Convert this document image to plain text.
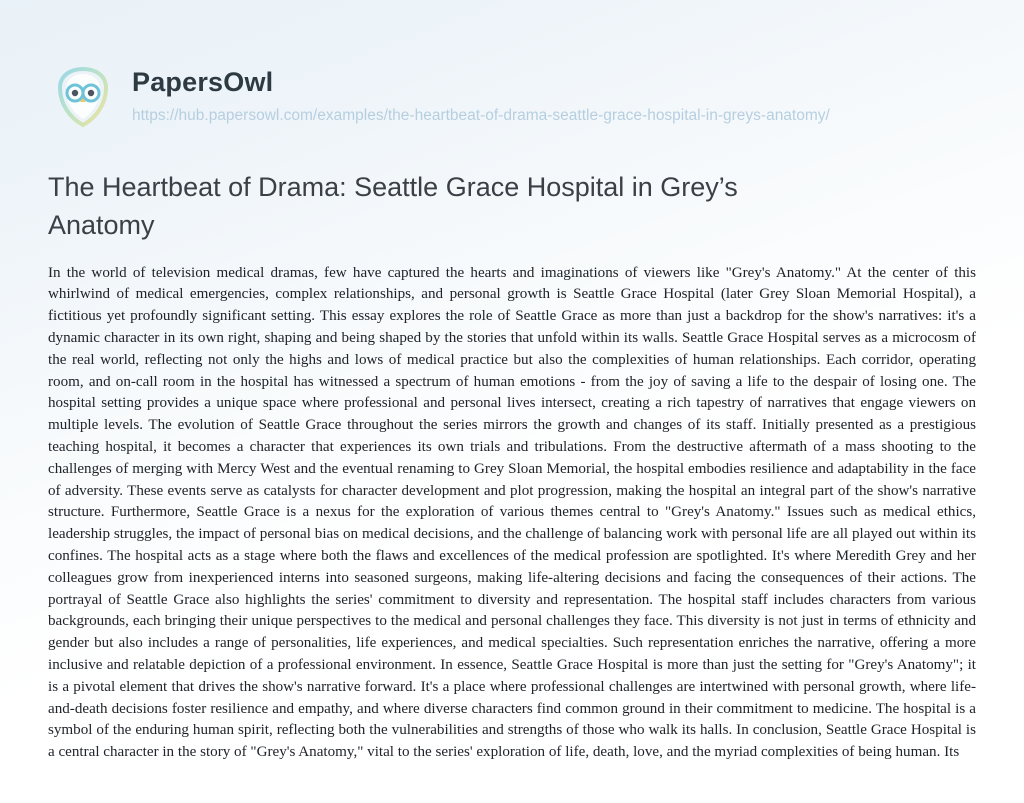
PapersOwl
https://hub.papersowl.com/examples/the-heartbeat-of-drama-seattle-grace-hospital-in-greys-anatomy/
The Heartbeat of Drama: Seattle Grace Hospital in Grey’s Anatomy

In the world of television medical dramas, few have captured the hearts and imaginations of viewers like "Grey's Anatomy." At the center of this whirlwind of medical emergencies, complex relationships, and personal growth is Seattle Grace Hospital (later Grey Sloan Memorial Hospital), a fictitious yet profoundly significant setting. This essay explores the role of Seattle Grace as more than just a backdrop for the show's narratives: it's a dynamic character in its own right, shaping and being shaped by the stories that unfold within its walls. Seattle Grace Hospital serves as a microcosm of the real world, reflecting not only the highs and lows of medical practice but also the complexities of human relationships. Each corridor, operating room, and on-call room in the hospital has witnessed a spectrum of human emotions - from the joy of saving a life to the despair of losing one. The hospital setting provides a unique space where professional and personal lives intersect, creating a rich tapestry of narratives that engage viewers on multiple levels. The evolution of Seattle Grace throughout the series mirrors the growth and changes of its staff. Initially presented as a prestigious teaching hospital, it becomes a character that experiences its own trials and tribulations. From the destructive aftermath of a mass shooting to the challenges of merging with Mercy West and the eventual renaming to Grey Sloan Memorial, the hospital embodies resilience and adaptability in the face of adversity. These events serve as catalysts for character development and plot progression, making the hospital an integral part of the show's narrative structure. Furthermore, Seattle Grace is a nexus for the exploration of various themes central to "Grey's Anatomy." Issues such as medical ethics, leadership struggles, the impact of personal bias on medical decisions, and the challenge of balancing work with personal life are all played out within its confines. The hospital acts as a stage where both the flaws and excellences of the medical profession are spotlighted. It's where Meredith Grey and her colleagues grow from inexperienced interns into seasoned surgeons, making life-altering decisions and facing the consequences of their actions. The portrayal of Seattle Grace also highlights the series' commitment to diversity and representation. The hospital staff includes characters from various backgrounds, each bringing their unique perspectives to the medical and personal challenges they face. This diversity is not just in terms of ethnicity and gender but also includes a range of personalities, life experiences, and medical specialties. Such representation enriches the narrative, offering a more inclusive and relatable depiction of a professional environment. In essence, Seattle Grace Hospital is more than just the setting for "Grey's Anatomy"; it is a pivotal element that drives the show's narrative forward. It's a place where professional challenges are intertwined with personal growth, where life-and-death decisions foster resilience and empathy, and where diverse characters find common ground in their commitment to medicine. The hospital is a symbol of the enduring human spirit, reflecting both the vulnerabilities and strengths of those who walk its halls. In conclusion, Seattle Grace Hospital is a central character in the story of "Grey's Anatomy," vital to the series' exploration of life, death, love, and the myriad complexities of being human. Its
